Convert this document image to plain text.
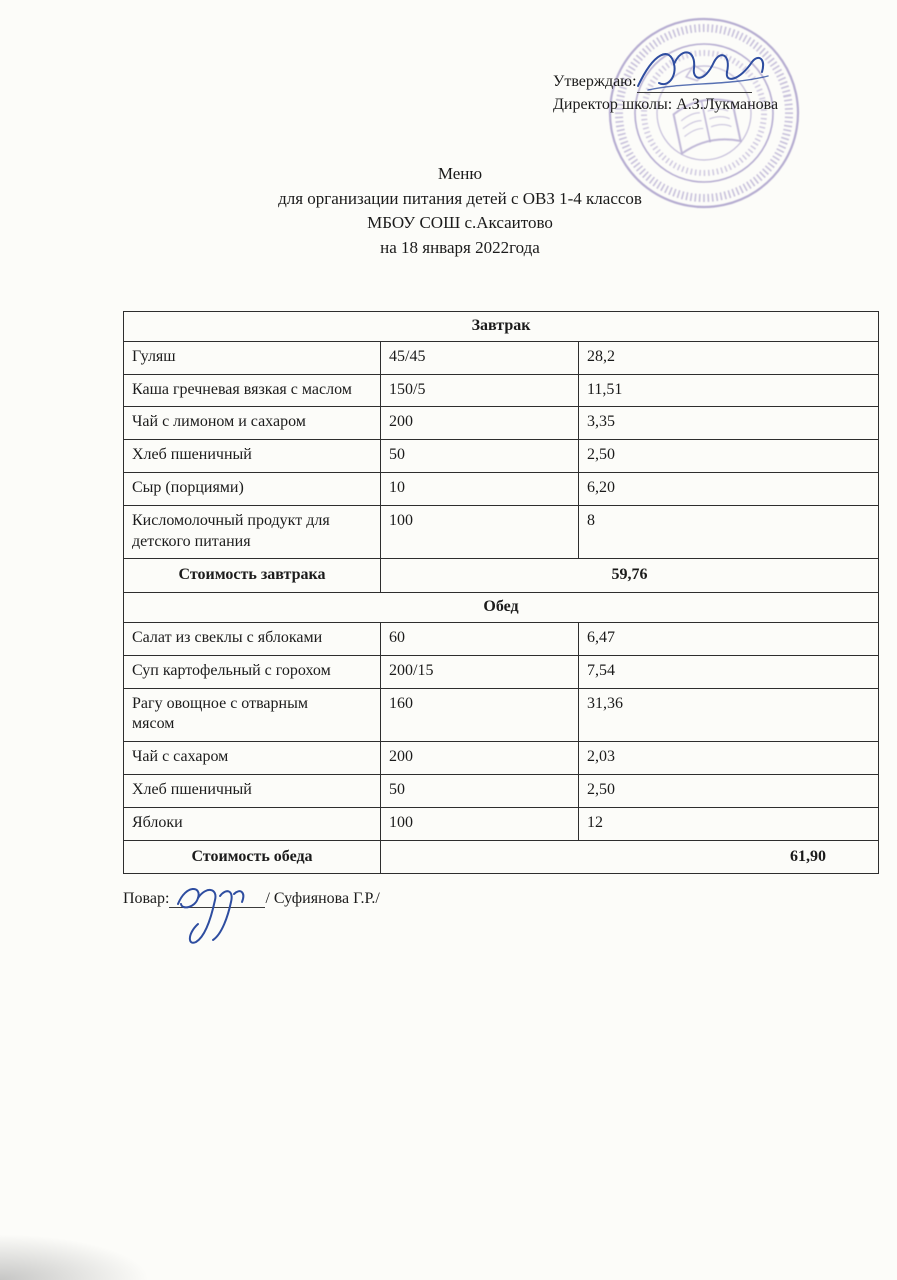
Утверждаю:
Директор школы: А.З.Лукманова
Меню
для организации питания детей с ОВЗ 1-4 классов
МБОУ СОШ с.Аксаитово
на 18 января 2022года
Завтрак		
Гуляш	45/45	28,2
Каша гречневая вязкая с маслом	150/5	11,51
Чай с лимоном и сахаром	200	3,35
Хлеб пшеничный	50	2,50
Сыр (порциями)	10	6,20
Кисломолочный продукт для детского питания	100	8
Стоимость завтрака	59,76	
Обед		
Салат из свеклы с яблоками	60	6,47
Суп картофельный с горохом	200/15	7,54
Рагу овощное с отварным мясом	160	31,36
Чай с сахаром	200	2,03
Хлеб пшеничный	50	2,50
Яблоки	100	12
Стоимость обеда	61,90	
Повар:	/ Суфиянова Г.Р./
